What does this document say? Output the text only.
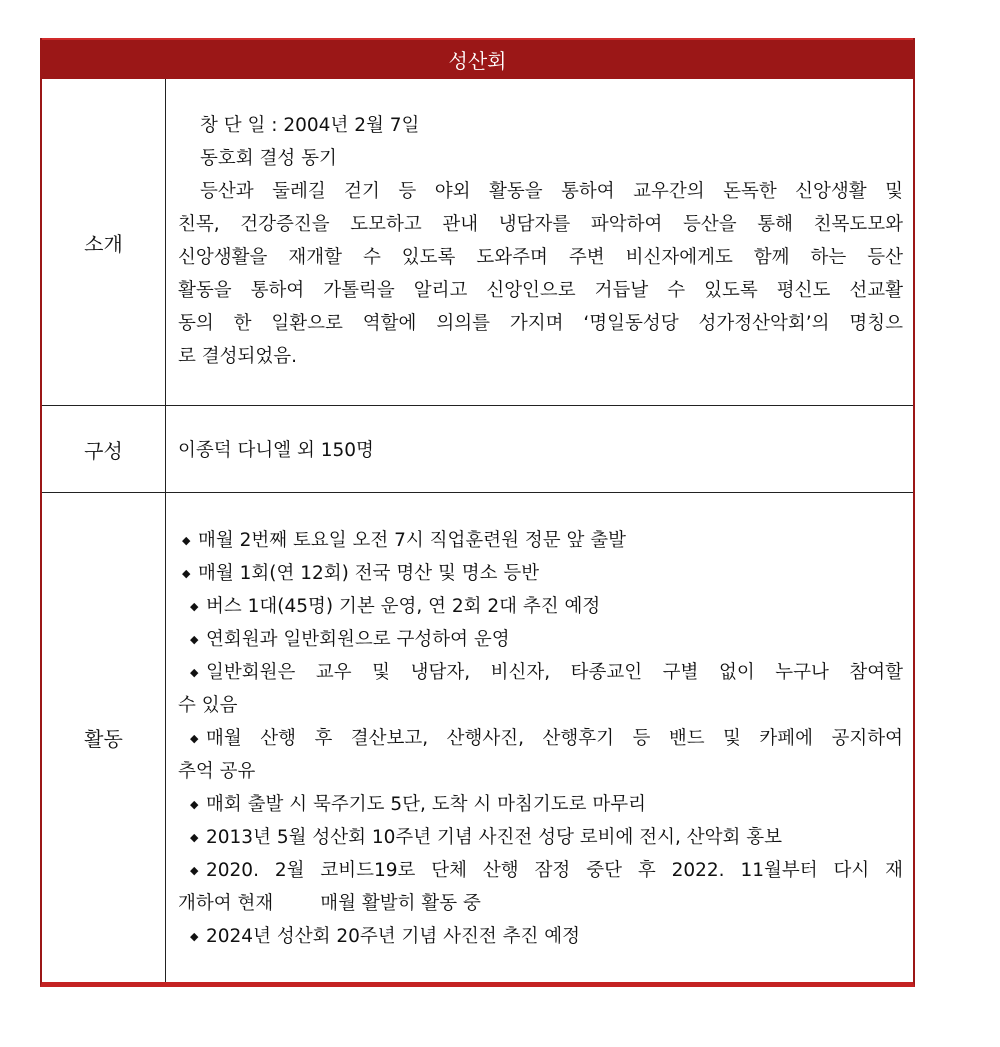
성산회
소개
창 단 일 : 2004년 2월 7일
동호회 결성 동기
등산과 둘레길 걷기 등 야외 활동을 통하여 교우간의 돈독한 신앙생활 및
친목, 건강증진을 도모하고 관내 냉담자를 파악하여 등산을 통해 친목도모와
신앙생활을 재개할 수 있도록 도와주며 주변 비신자에게도 함께 하는 등산
활동을 통하여 가톨릭을 알리고 신앙인으로 거듭날 수 있도록 평신도 선교활
동의 한 일환으로 역할에 의의를 가지며 ‘명일동성당 성가정산악회’의 명칭으
로 결성되었음.
구성	이종덕 다니엘 외 150명
활동
◆ 매월 2번째 토요일 오전 7시 직업훈련원 정문 앞 출발
◆ 매월 1회(연 12회) 전국 명산 및 명소 등반
◆ 버스 1대(45명) 기본 운영, 연 2회 2대 추진 예정
◆ 연회원과 일반회원으로 구성하여 운영
◆ 일반회원은 교우 및 냉담자, 비신자, 타종교인 구별 없이 누구나 참여할
수 있음
◆ 매월 산행 후 결산보고, 산행사진, 산행후기 등 밴드 및 카페에 공지하여
추억 공유
◆ 매회 출발 시 묵주기도 5단, 도착 시 마침기도로 마무리
◆ 2013년 5월 성산회 10주년 기념 사진전 성당 로비에 전시, 산악회 홍보
◆ 2020. 2월 코비드19로 단체 산행 잠정 중단 후 2022. 11월부터 다시 재
개하여 현재        매월 활발히 활동 중
◆ 2024년 성산회 20주년 기념 사진전 추진 예정
